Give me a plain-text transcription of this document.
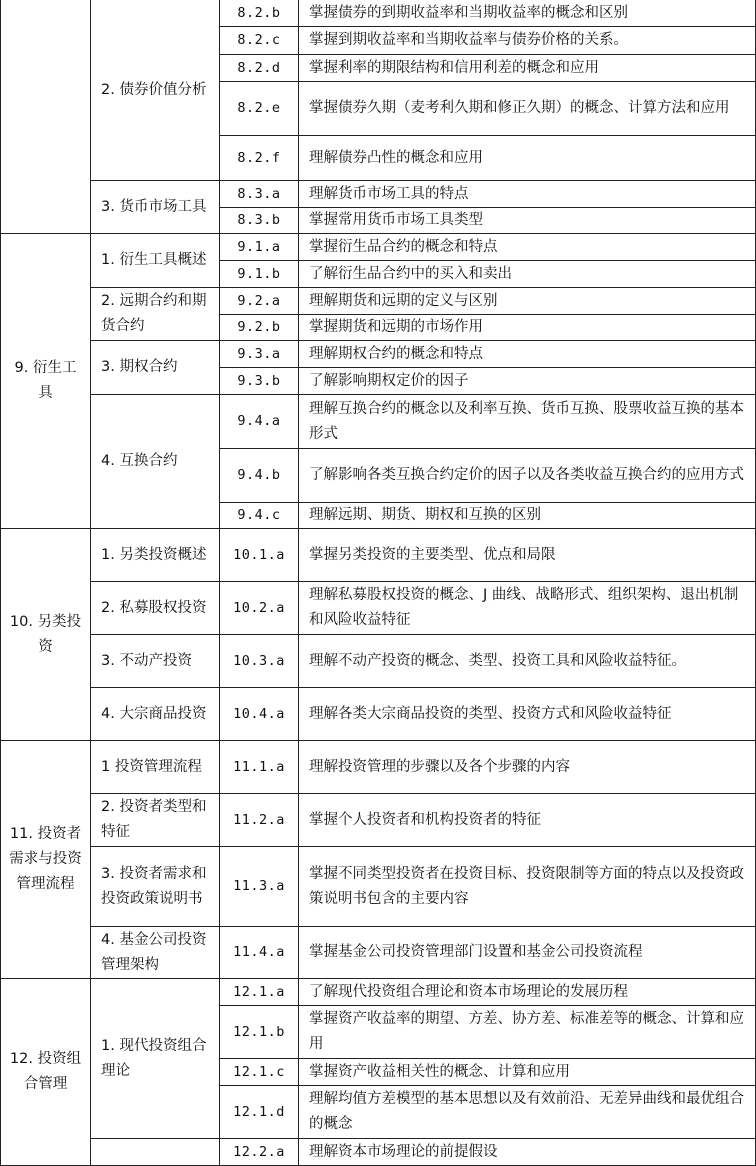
	2. 债券价值分析	8.2.b	掌握债券的到期收益率和当期收益率的概念和区别
		8.2.c	掌握到期收益率和当期收益率与债券价格的关系。
		8.2.d	掌握利率的期限结构和信用利差的概念和应用
		8.2.e	掌握债券久期（麦考利久期和修正久期）的概念、计算方法和应用
		8.2.f	理解债券凸性的概念和应用
	3. 货币市场工具	8.3.a	理解货币市场工具的特点
		8.3.b	掌握常用货币市场工具类型
9. 衍生工具	1. 衍生工具概述	9.1.a	掌握衍生品合约的概念和特点
		9.1.b	了解衍生品合约中的买入和卖出
	2. 远期合约和期货合约	9.2.a	理解期货和远期的定义与区别
		9.2.b	掌握期货和远期的市场作用
	3. 期权合约	9.3.a	理解期权合约的概念和特点
		9.3.b	了解影响期权定价的因子
	4. 互换合约	9.4.a	理解互换合约的概念以及利率互换、货币互换、股票收益互换的基本形式
		9.4.b	了解影响各类互换合约定价的因子以及各类收益互换合约的应用方式
		9.4.c	理解远期、期货、期权和互换的区别
10. 另类投资	1. 另类投资概述	10.1.a	掌握另类投资的主要类型、优点和局限
	2. 私募股权投资	10.2.a	理解私募股权投资的概念、J 曲线、战略形式、组织架构、退出机制和风险收益特征
	3. 不动产投资	10.3.a	理解不动产投资的概念、类型、投资工具和风险收益特征。
	4. 大宗商品投资	10.4.a	理解各类大宗商品投资的类型、投资方式和风险收益特征
11. 投资者需求与投资管理流程	1 投资管理流程	11.1.a	理解投资管理的步骤以及各个步骤的内容
	2. 投资者类型和特征	11.2.a	掌握个人投资者和机构投资者的特征
	3. 投资者需求和投资政策说明书	11.3.a	掌握不同类型投资者在投资目标、投资限制等方面的特点以及投资政策说明书包含的主要内容
	4. 基金公司投资管理架构	11.4.a	掌握基金公司投资管理部门设置和基金公司投资流程
12. 投资组合管理	1. 现代投资组合理论	12.1.a	了解现代投资组合理论和资本市场理论的发展历程
		12.1.b	掌握资产收益率的期望、方差、协方差、标准差等的概念、计算和应用
		12.1.c	掌握资产收益相关性的概念、计算和应用
		12.1.d	理解均值方差模型的基本思想以及有效前沿、无差异曲线和最优组合的概念
		12.2.a	理解资本市场理论的前提假设
